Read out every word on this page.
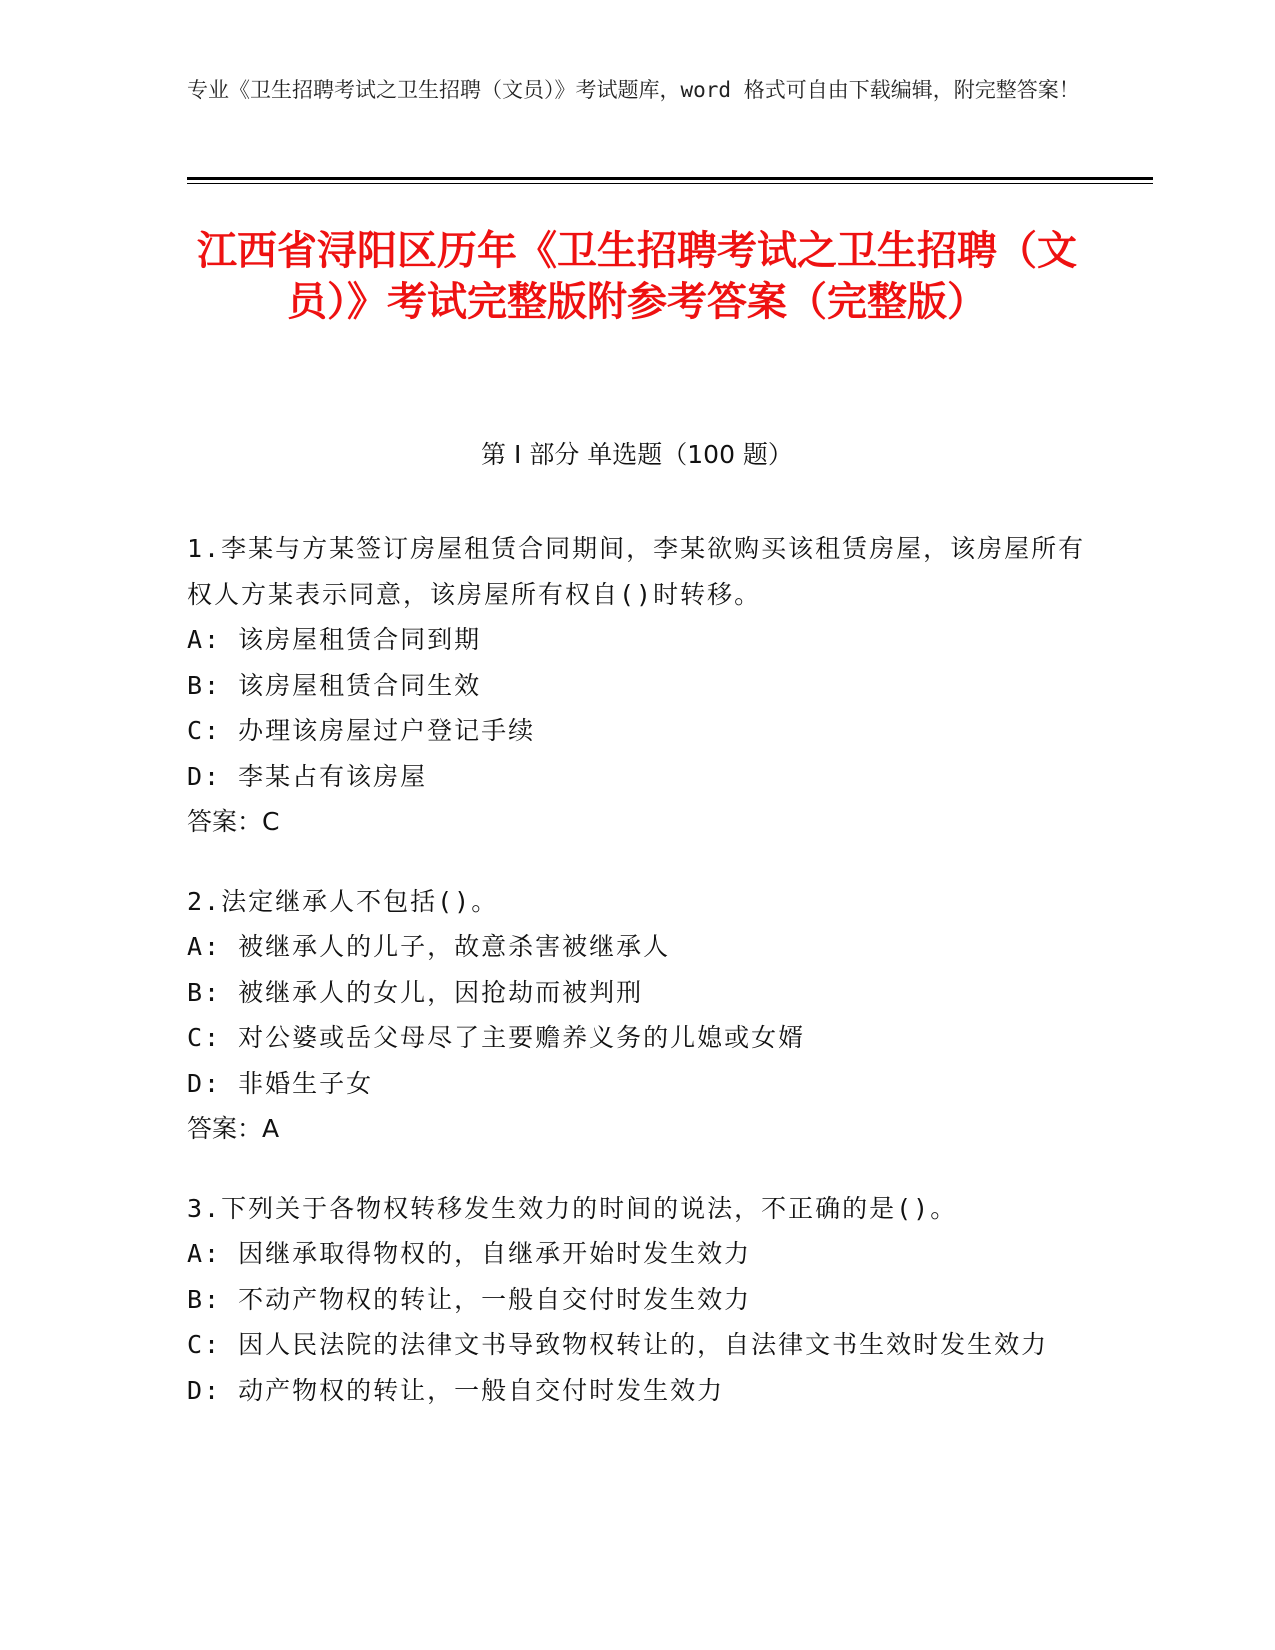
专业《卫生招聘考试之卫生招聘（文员）》考试题库，word 格式可自由下载编辑，附完整答案！
江西省浔阳区历年《卫生招聘考试之卫生招聘（文员）》考试完整版附参考答案（完整版）
第 I 部分 单选题（100 题）
1.李某与方某签订房屋租赁合同期间，李某欲购买该租赁房屋，该房屋所有权人方某表示同意，该房屋所有权自()时转移。
A: 该房屋租赁合同到期
B: 该房屋租赁合同生效
C: 办理该房屋过户登记手续
D: 李某占有该房屋
答案：C
2.法定继承人不包括()。
A: 被继承人的儿子，故意杀害被继承人
B: 被继承人的女儿，因抢劫而被判刑
C: 对公婆或岳父母尽了主要赡养义务的儿媳或女婿
D: 非婚生子女
答案：A
3.下列关于各物权转移发生效力的时间的说法，不正确的是()。
A: 因继承取得物权的，自继承开始时发生效力
B: 不动产物权的转让，一般自交付时发生效力
C: 因人民法院的法律文书导致物权转让的，自法律文书生效时发生效力
D: 动产物权的转让，一般自交付时发生效力
